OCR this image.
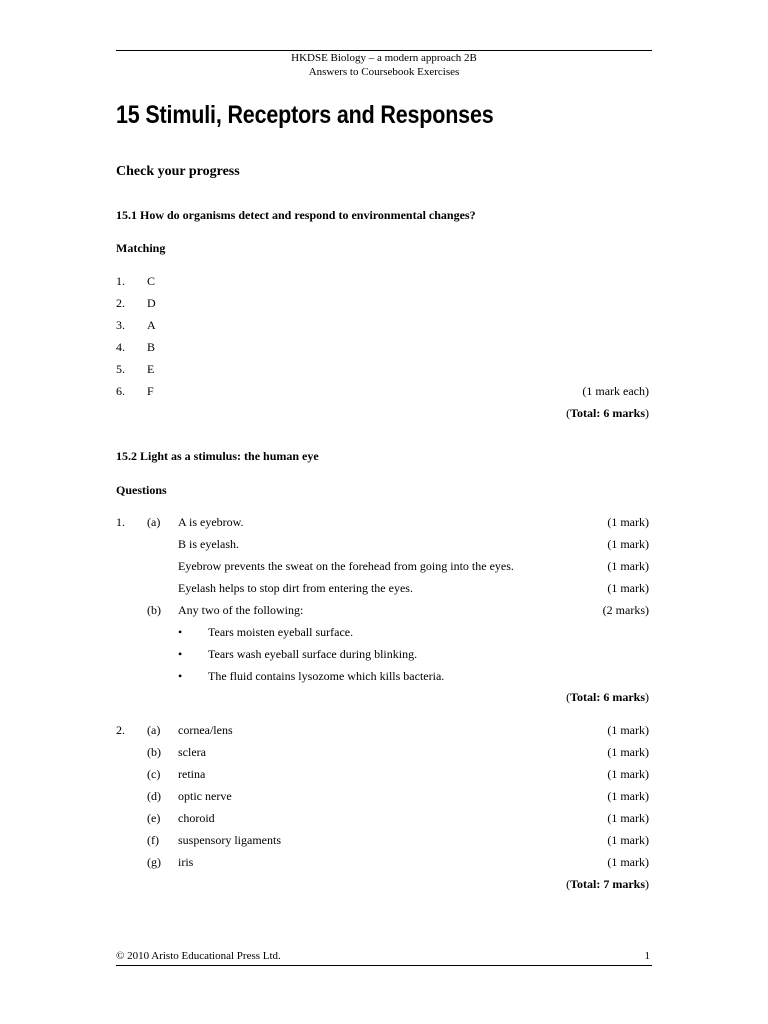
HKDSE Biology – a modern approach 2B
Answers to Coursebook Exercises
15 Stimuli, Receptors and Responses
Check your progress
15.1 How do organisms detect and respond to environmental changes?
Matching
1. C
2. D
3. A
4. B
5. E
6. F	(1 mark each)
(Total: 6 marks)
15.2 Light as a stimulus: the human eye
Questions
1. (a) A is eyebrow.	(1 mark)
B is eyelash.	(1 mark)
Eyebrow prevents the sweat on the forehead from going into the eyes.	(1 mark)
Eyelash helps to stop dirt from entering the eyes.	(1 mark)
(b) Any two of the following:	(2 marks)
• Tears moisten eyeball surface.
• Tears wash eyeball surface during blinking.
• The fluid contains lysozome which kills bacteria.
(Total: 6 marks)
2. (a) cornea/lens	(1 mark)
(b) sclera	(1 mark)
(c) retina	(1 mark)
(d) optic nerve	(1 mark)
(e) choroid	(1 mark)
(f) suspensory ligaments	(1 mark)
(g) iris	(1 mark)
(Total: 7 marks)
© 2010 Aristo Educational Press Ltd.	1
